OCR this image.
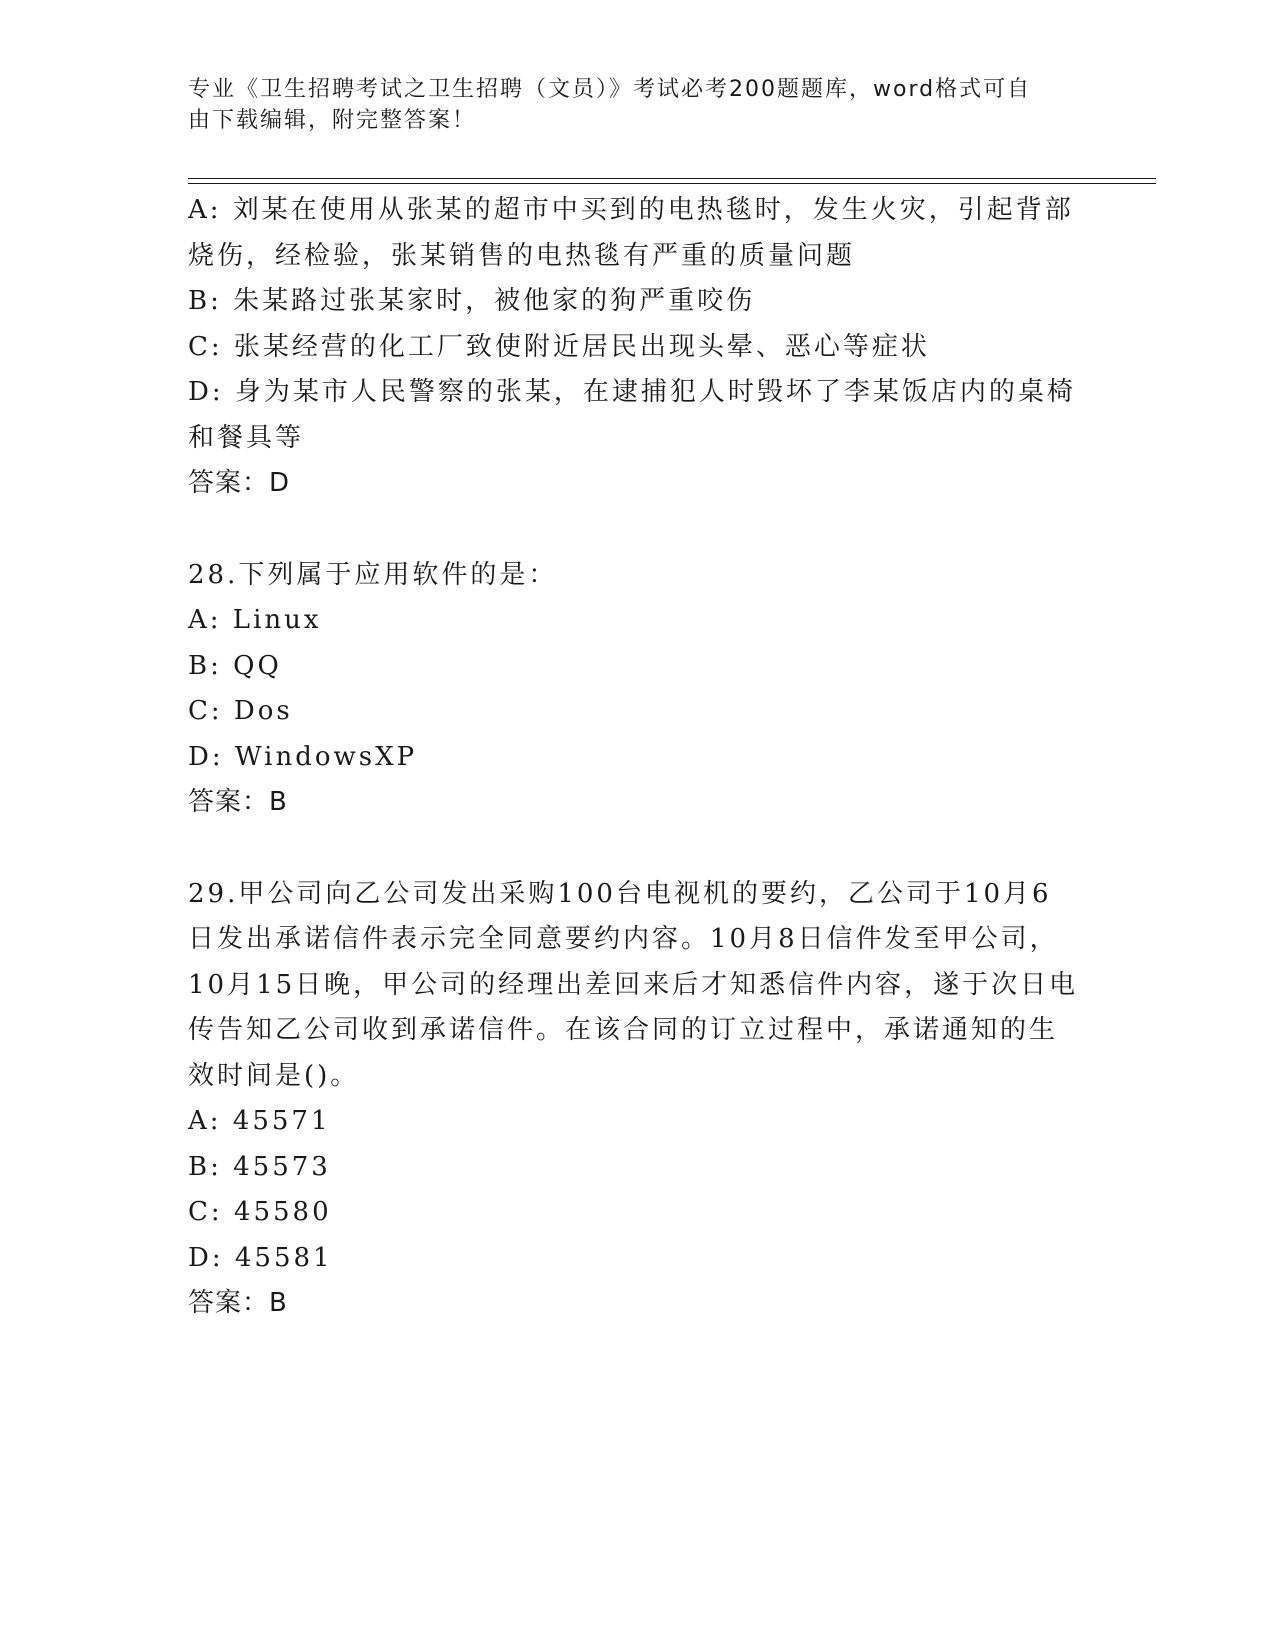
专业《卫生招聘考试之卫生招聘（文员）》考试必考200题题库，word格式可自
由下载编辑，附完整答案！
A: 刘某在使用从张某的超市中买到的电热毯时，发生火灾，引起背部
烧伤，经检验，张某销售的电热毯有严重的质量问题
B: 朱某路过张某家时，被他家的狗严重咬伤
C: 张某经营的化工厂致使附近居民出现头晕、恶心等症状
D: 身为某市人民警察的张某，在逮捕犯人时毁坏了李某饭店内的桌椅
和餐具等
答案：D
28.下列属于应用软件的是：
A: Linux
B: QQ
C: Dos
D: WindowsXP
答案：B
29.甲公司向乙公司发出采购100台电视机的要约，乙公司于10月6
日发出承诺信件表示完全同意要约内容。10月8日信件发至甲公司，
10月15日晚，甲公司的经理出差回来后才知悉信件内容，遂于次日电
传告知乙公司收到承诺信件。在该合同的订立过程中，承诺通知的生
效时间是()。
A: 45571
B: 45573
C: 45580
D: 45581
答案：B
